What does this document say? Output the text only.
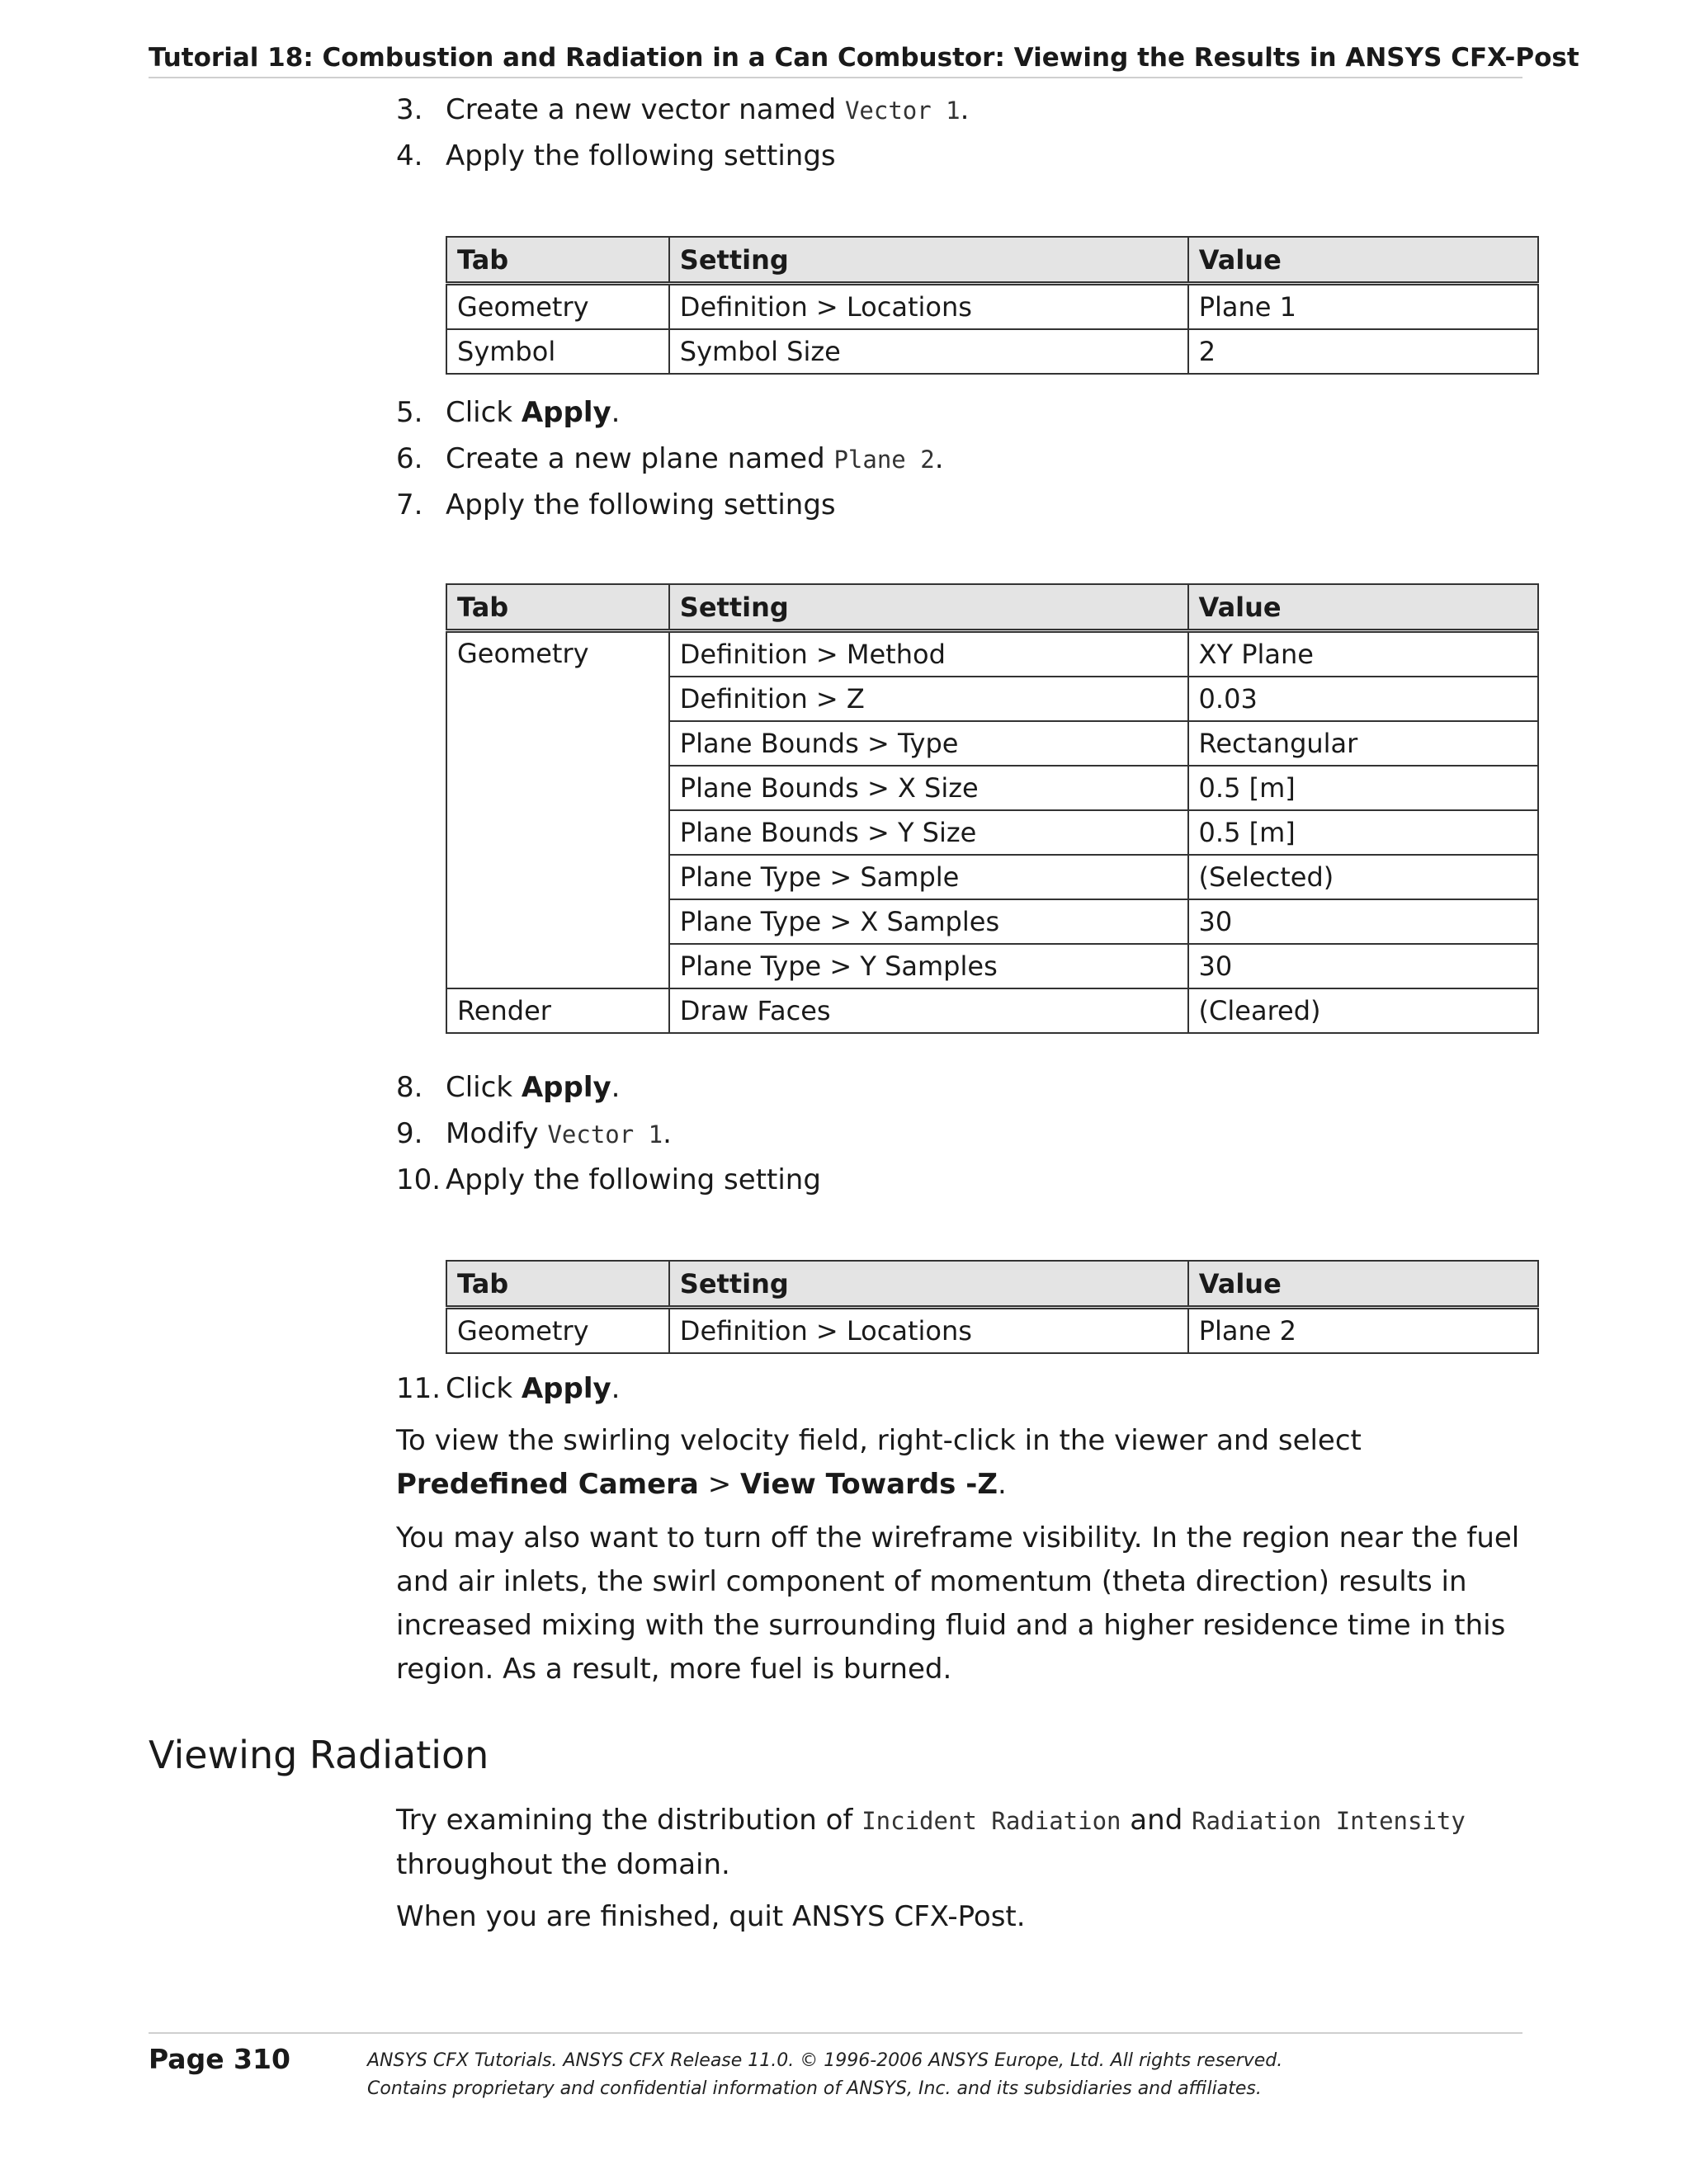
Tutorial 18: Combustion and Radiation in a Can Combustor: Viewing the Results in ANSYS CFX-Post
3. Create a new vector named Vector 1.
4. Apply the following settings
Tab	Setting	Value
Geometry	Definition > Locations	Plane 1
Symbol	Symbol Size	2
5. Click Apply.
6. Create a new plane named Plane 2.
7. Apply the following settings
Tab	Setting	Value
Geometry	Definition > Method	XY Plane
	Definition > Z	0.03
	Plane Bounds > Type	Rectangular
	Plane Bounds > X Size	0.5 [m]
	Plane Bounds > Y Size	0.5 [m]
	Plane Type > Sample	(Selected)
	Plane Type > X Samples	30
	Plane Type > Y Samples	30
Render	Draw Faces	(Cleared)
8. Click Apply.
9. Modify Vector 1.
10. Apply the following setting
Tab	Setting	Value
Geometry	Definition > Locations	Plane 2
11. Click Apply.
To view the swirling velocity field, right-click in the viewer and select Predefined Camera > View Towards -Z.
You may also want to turn off the wireframe visibility. In the region near the fuel and air inlets, the swirl component of momentum (theta direction) results in increased mixing with the surrounding fluid and a higher residence time in this region. As a result, more fuel is burned.
Viewing Radiation
Try examining the distribution of Incident Radiation and Radiation Intensity throughout the domain.
When you are finished, quit ANSYS CFX-Post.
Page 310	ANSYS CFX Tutorials. ANSYS CFX Release 11.0. © 1996-2006 ANSYS Europe, Ltd. All rights reserved.
Contains proprietary and confidential information of ANSYS, Inc. and its subsidiaries and affiliates.
